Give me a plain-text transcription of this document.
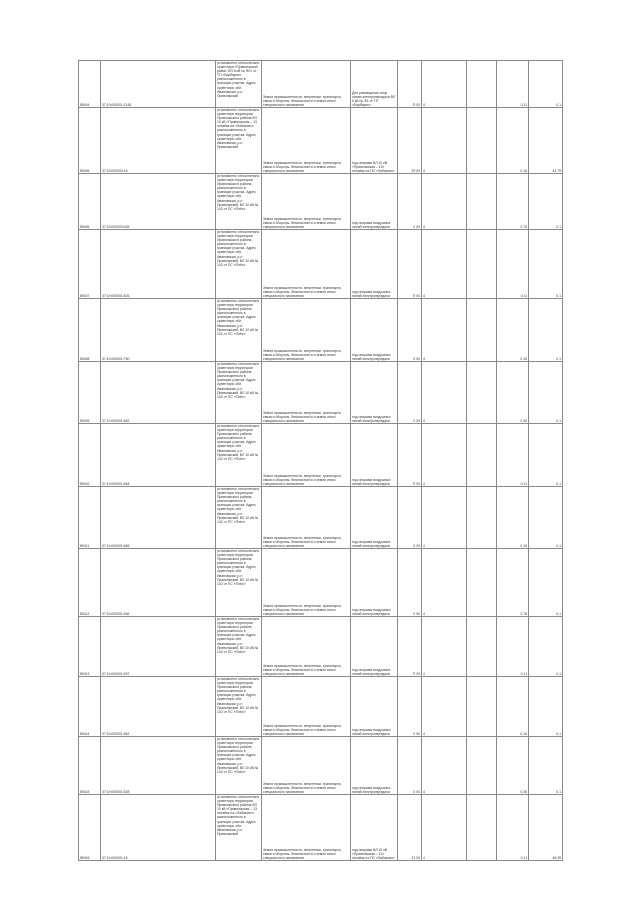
89404	37:10:000001:1148	установлено относительно ориентира «Приволжский район, ВЛ 6 кВ № Ф01 от ТП «Барбарис», расположенного в границах участка. Адрес ориентира: обл. Ивановская, р-н Приволжский	Земли промышленности, энергетики, транспорта, связи и обороны, безопасности и земли иного специального назначения	Для размещения опор линии электропередачи ВЛ 6 кВ № Ф1 от ТП «Барбарис»	П 00	4		0,11	0,1
89405	37:10:000000:16	установлено относительно ориентира территории Приволжского района ВЛ 10 кВ «Приволжская – 13 отпайка на «Лабазово», расположенного в границах участка. Адрес ориентира: обл. Ивановская, р-н Приволжский	Земли промышленности, энергетики, транспорта, связи и обороны, безопасности и земли иного специального назначения	под опорами ВЛ 10 кВ «Приволжская – 13» отпайка на ПС «Лабазово»	29 00	4		0,16	43,79
89406	37:10:000000:528	установлено относительно ориентира территории Приволжского района, расположенного в границах участка. Адрес ориентира: обл. Ивановская, р-н Приволжский, ВЛ 10 кВ № 142 от ПС «Плёс»	Земли промышленности, энергетики, транспорта, связи и обороны, безопасности и земли иного специального назначения	под опорами воздушных линий электропередачи	0 00	4		2,76	0,1
89407	37:10:000001:526	установлено относительно ориентира территории Приволжского района, расположенного в границах участка. Адрес ориентира: обл. Ивановская, р-н Приволжский, ВЛ 10 кВ № 142 от ПС «Плёс»	Земли промышленности, энергетики, транспорта, связи и обороны, безопасности и земли иного специального назначения	под опорами воздушных линий электропередачи	П 00	4		0,11	0,1
89408	37:10:000001:750	установлено относительно ориентира территории Приволжского района, расположенного в границах участка. Адрес ориентира: обл. Ивановская, р-н Приволжский, ВЛ 10 кВ № 142 от ПС «Плёс»	Земли промышленности, энергетики, транспорта, связи и обороны, безопасности и земли иного специального назначения	под опорами воздушных линий электропередачи	0 00	4		0,16	0,1
89409	37:10:000001:662	установлено относительно ориентира территории Приволжского района, расположенного в границах участка. Адрес ориентира: обл. Ивановская, р-н Приволжский, ВЛ 10 кВ № 142 от ПС «Плёс»	Земли промышленности, энергетики, транспорта, связи и обороны, безопасности и земли иного специального назначения	под опорами воздушных линий электропередачи	0 00	4		0,35	0,1
89410	37:10:000001:664	установлено относительно ориентира территории Приволжского района, расположенного в границах участка. Адрес ориентира: обл. Ивановская, р-н Приволжский, ВЛ 10 кВ № 142 от ПС «Плёс»	Земли промышленности, энергетики, транспорта, связи и обороны, безопасности и земли иного специального назначения	под опорами воздушных линий электропередачи	П 00	4		0,11	0,1
89411	37:10:000001:665	установлено относительно ориентира территории Приволжского района, расположенного в границах участка. Адрес ориентира: обл. Ивановская, р-н Приволжский, ВЛ 10 кВ № 142 от ПС «Плёс»	Земли промышленности, энергетики, транспорта, связи и обороны, безопасности и земли иного специального назначения	под опорами воздушных линий электропередачи	0 00	4		0,16	0,1
89412	37:10:000001:536	установлено относительно ориентира территории Приволжского района, расположенного в границах участка. Адрес ориентира: обл. Ивановская, р-н Приволжский, ВЛ 10 кВ № 142 от ПС «Плёс»	Земли промышленности, энергетики, транспорта, связи и обороны, безопасности и земли иного специального назначения	под опорами воздушных линий электропередачи	0 00	4		2,76	0,1
89413	37:10:000001:537	установлено относительно ориентира территории Приволжского района, расположенного в границах участка. Адрес ориентира: обл. Ивановская, р-н Приволжский, ВЛ 10 кВ № 142 от ПС «Плёс»	Земли промышленности, энергетики, транспорта, связи и обороны, безопасности и земли иного специального назначения	под опорами воздушных линий электропередачи	П 00	4		0,11	0,1
89414	37:10:000001:662	установлено относительно ориентира территории Приволжского района, расположенного в границах участка. Адрес ориентира: обл. Ивановская, р-н Приволжский, ВЛ 10 кВ № 142 от ПС «Плёс»	Земли промышленности, энергетики, транспорта, связи и обороны, безопасности и земли иного специального назначения	под опорами воздушных линий электропередачи	0 00	4		0,16	0,1
89415	37:10:000001:528	установлено относительно ориентира территории Приволжского района, расположенного в границах участка. Адрес ориентира: обл. Ивановская, р-н Приволжский, ВЛ 10 кВ № 142 от ПС «Плёс»	Земли промышленности, энергетики, транспорта, связи и обороны, безопасности и земли иного специального назначения	под опорами воздушных линий электропередачи	0 00	4		0,35	0,1
89416	37:10:000001:16	установлено относительно ориентира территории Приволжского района ВЛ 10 кВ «Приволжская – 13 отпайка на «Лабазово», расположенного в границах участка. Адрес ориентира: обл. Ивановская, р-н Приволжский	Земли промышленности, энергетики, транспорта, связи и обороны, безопасности и земли иного специального назначения	под опорами ВЛ 10 кВ «Приволжская – 13» отпайка на ПС «Лабазово»	21 00	4		0,11	46,39
